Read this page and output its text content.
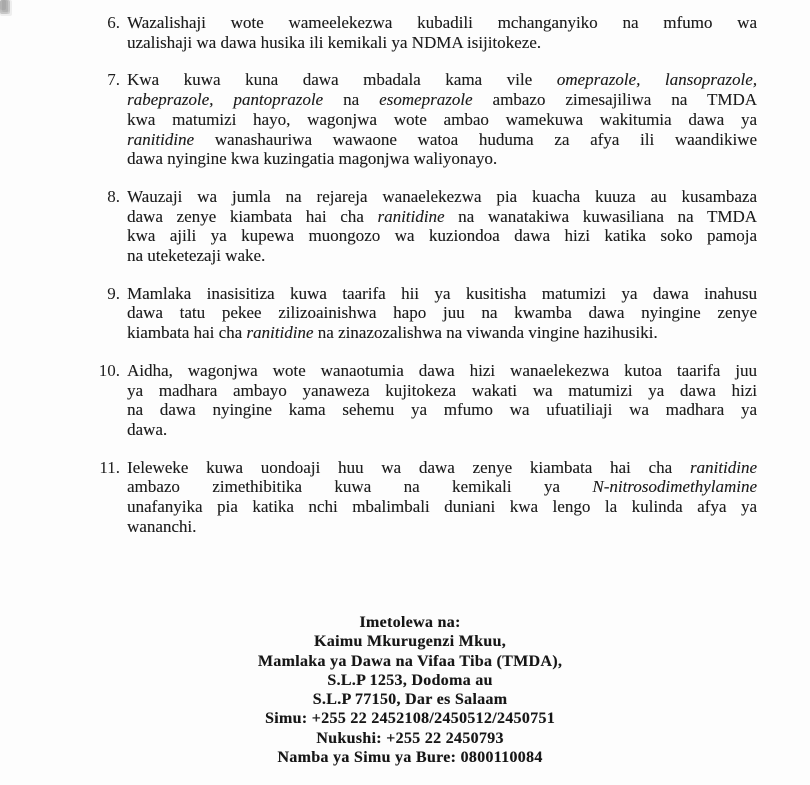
6. Wazalishaji wote wameelekezwa kubadili mchanganyiko na mfumo wa
uzalishaji wa dawa husika ili kemikali ya NDMA isijitokeze.
7. Kwa kuwa kuna dawa mbadala kama vile omeprazole, lansoprazole,
rabeprazole, pantoprazole na esomeprazole ambazo zimesajiliwa na TMDA
kwa matumizi hayo, wagonjwa wote ambao wamekuwa wakitumia dawa ya
ranitidine wanashauriwa wawaone watoa huduma za afya ili waandikiwe
dawa nyingine kwa kuzingatia magonjwa waliyonayo.
8. Wauzaji wa jumla na rejareja wanaelekezwa pia kuacha kuuza au kusambaza
dawa zenye kiambata hai cha ranitidine na wanatakiwa kuwasiliana na TMDA
kwa ajili ya kupewa muongozo wa kuziondoa dawa hizi katika soko pamoja
na uteketezaji wake.
9. Mamlaka inasisitiza kuwa taarifa hii ya kusitisha matumizi ya dawa inahusu
dawa tatu pekee zilizoainishwa hapo juu na kwamba dawa nyingine zenye
kiambata hai cha ranitidine na zinazozalishwa na viwanda vingine hazihusiki.
10. Aidha, wagonjwa wote wanaotumia dawa hizi wanaelekezwa kutoa taarifa juu
ya madhara ambayo yanaweza kujitokeza wakati wa matumizi ya dawa hizi
na dawa nyingine kama sehemu ya mfumo wa ufuatiliaji wa madhara ya
dawa.
11. Ieleweke kuwa uondoaji huu wa dawa zenye kiambata hai cha ranitidine
ambazo zimethibitika kuwa na kemikali ya N-nitrosodimethylamine
unafanyika pia katika nchi mbalimbali duniani kwa lengo la kulinda afya ya
wananchi.
Imetolewa na:
Kaimu Mkurugenzi Mkuu,
Mamlaka ya Dawa na Vifaa Tiba (TMDA),
S.L.P 1253, Dodoma au
S.L.P 77150, Dar es Salaam
Simu: +255 22 2452108/2450512/2450751
Nukushi: +255 22 2450793
Namba ya Simu ya Bure: 0800110084
